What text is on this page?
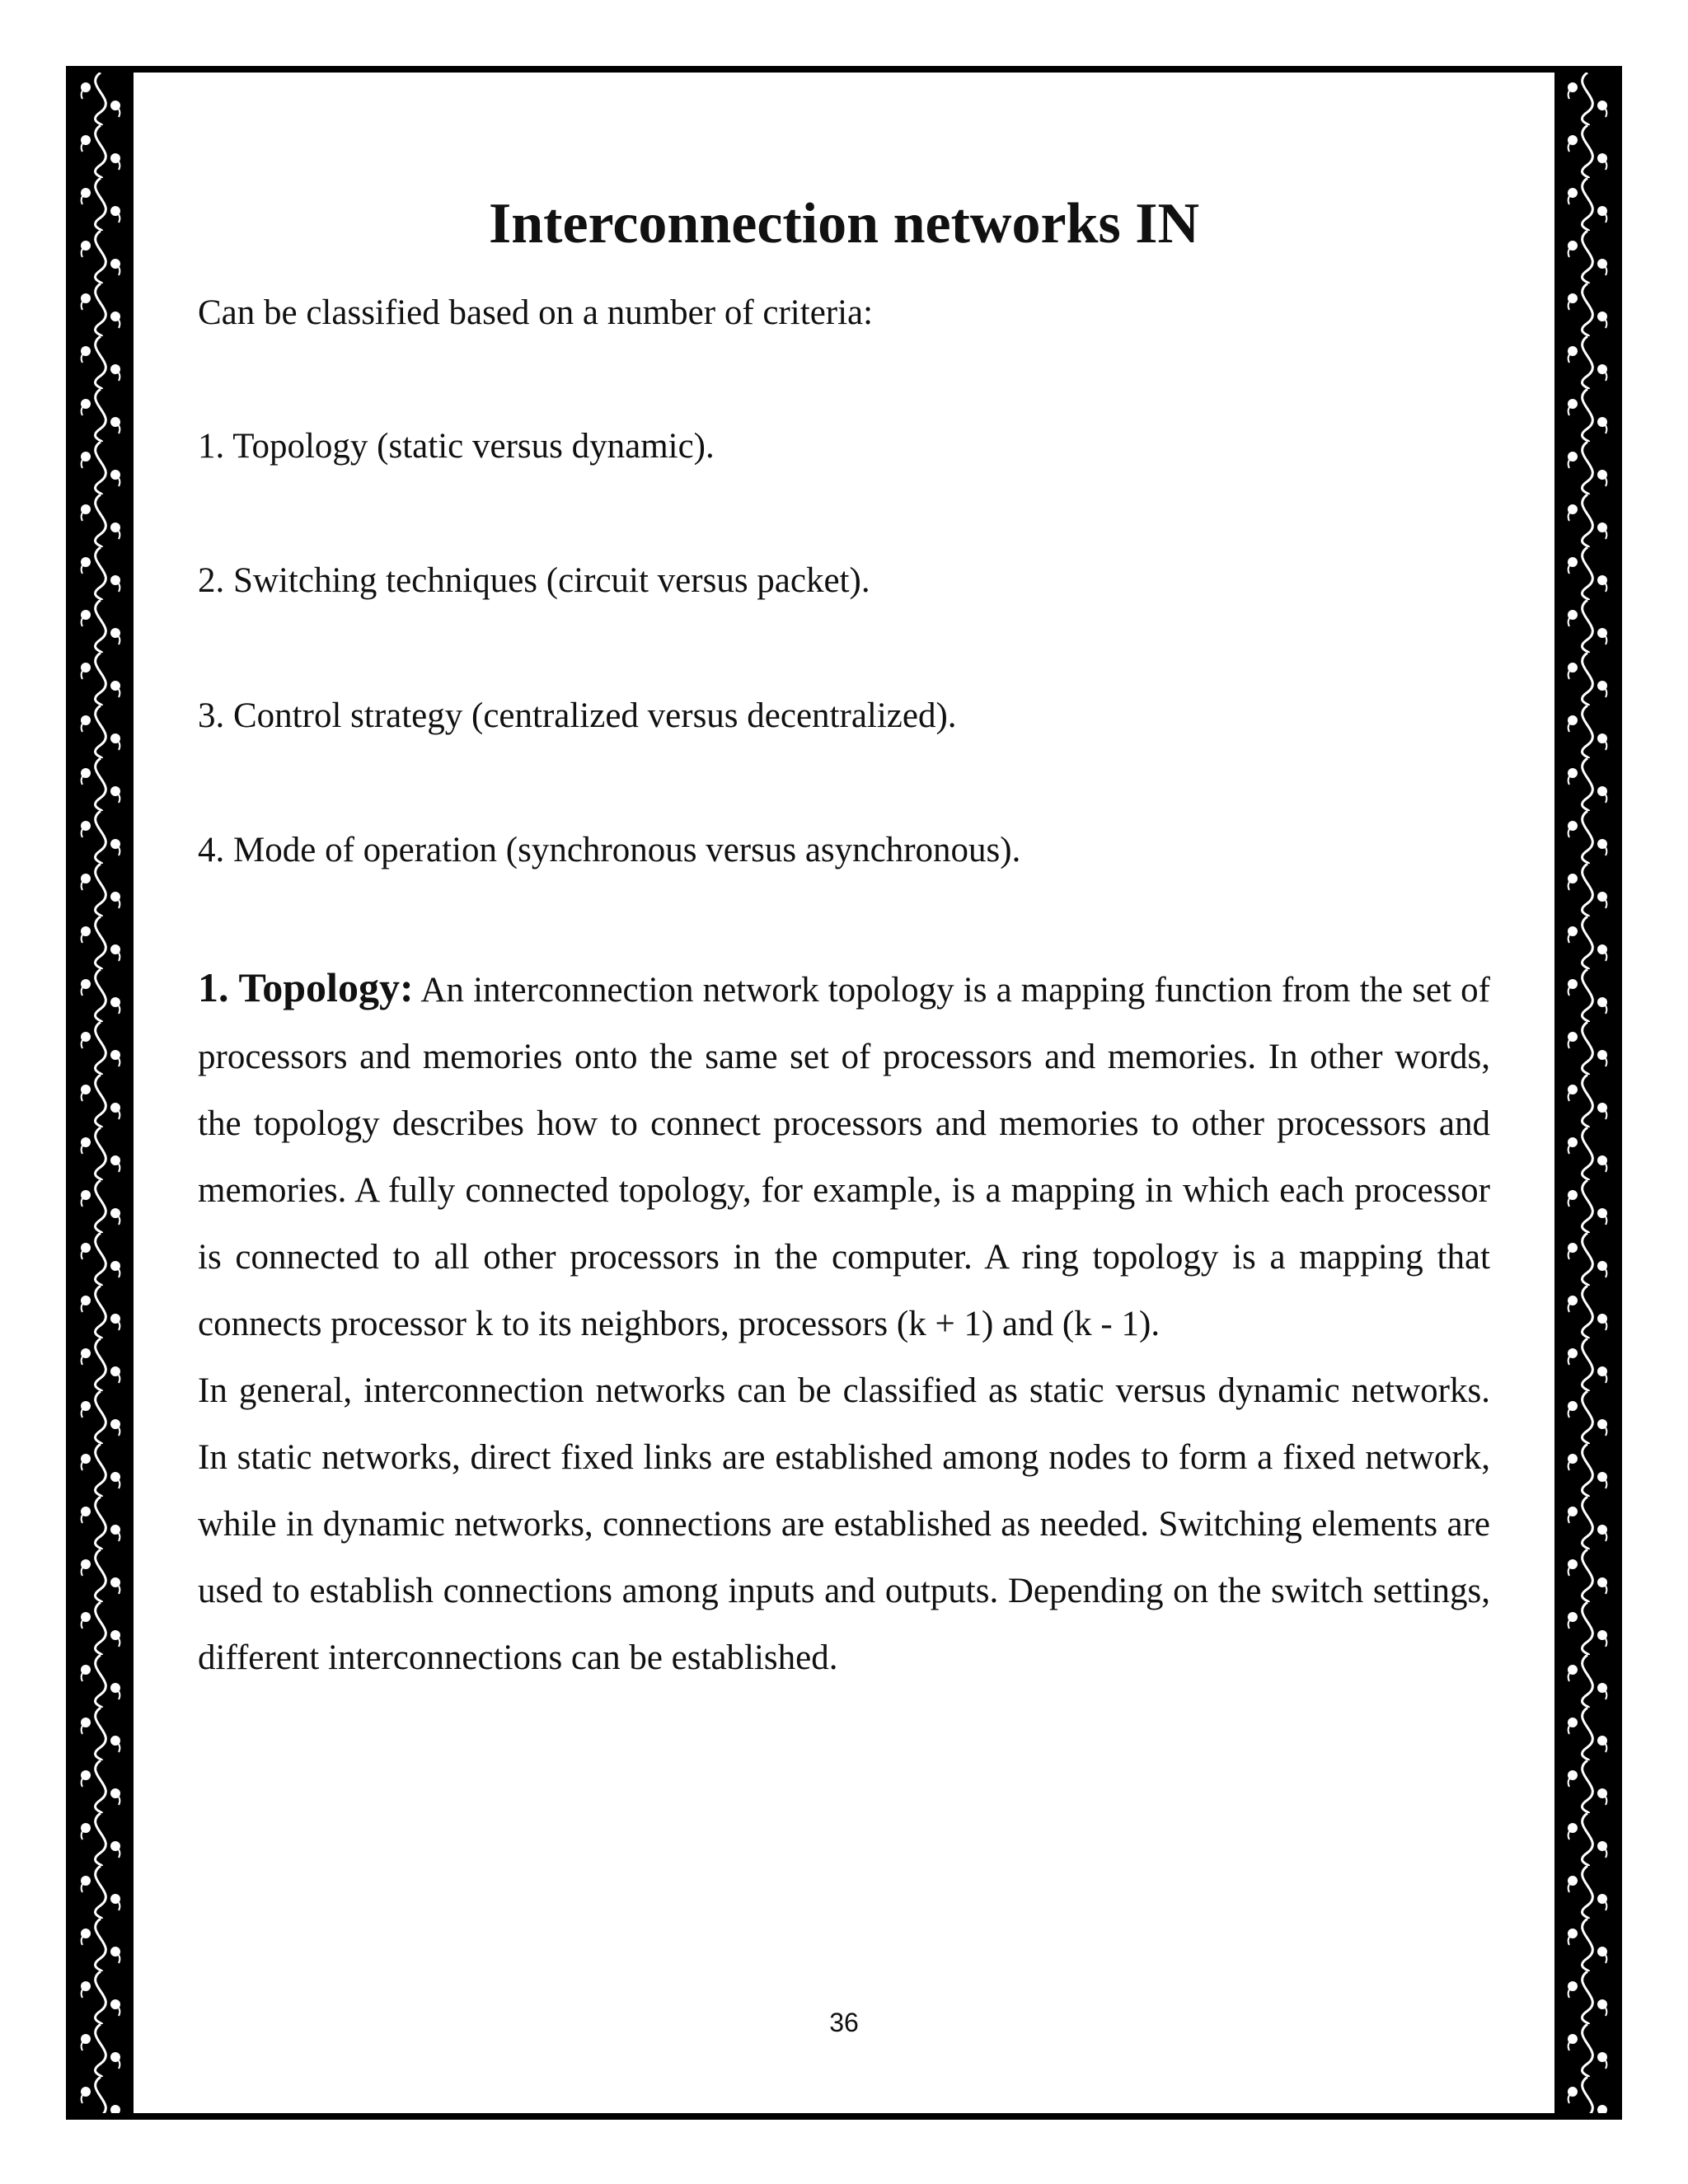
Interconnection networks IN

Can be classified based on a number of criteria:

1. Topology (static versus dynamic).

2. Switching techniques (circuit versus packet).

3. Control strategy (centralized versus decentralized).

4. Mode of operation (synchronous versus asynchronous).

1. Topology: An interconnection network topology is a mapping function from the set of processors and memories onto the same set of processors and memories. In other words, the topology describes how to connect processors and memories to other processors and memories. A fully connected topology, for example, is a mapping in which each processor is connected to all other processors in the computer. A ring topology is a mapping that connects processor k to its neighbors, processors (k + 1) and (k - 1).

In general, interconnection networks can be classified as static versus dynamic networks. In static networks, direct fixed links are established among nodes to form a fixed network, while in dynamic networks, connections are established as needed. Switching elements are used to establish connections among inputs and outputs. Depending on the switch settings, different interconnections can be established.

36
